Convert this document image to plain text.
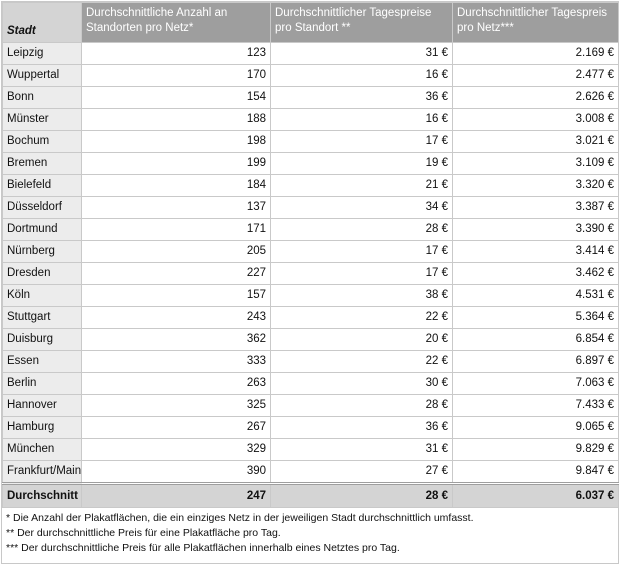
Stadt	Durchschnittliche Anzahl an Standorten pro Netz*	Durchschnittlicher Tagespreise pro Standort **	Durchschnittlicher Tagespreis pro Netz***
Leipzig	123	31 €	2.169 €
Wuppertal	170	16 €	2.477 €
Bonn	154	36 €	2.626 €
Münster	188	16 €	3.008 €
Bochum	198	17 €	3.021 €
Bremen	199	19 €	3.109 €
Bielefeld	184	21 €	3.320 €
Düsseldorf	137	34 €	3.387 €
Dortmund	171	28 €	3.390 €
Nürnberg	205	17 €	3.414 €
Dresden	227	17 €	3.462 €
Köln	157	38 €	4.531 €
Stuttgart	243	22 €	5.364 €
Duisburg	362	20 €	6.854 €
Essen	333	22 €	6.897 €
Berlin	263	30 €	7.063 €
Hannover	325	28 €	7.433 €
Hamburg	267	36 €	9.065 €
München	329	31 €	9.829 €
Frankfurt/Main	390	27 €	9.847 €
Durchschnitt	247	28 €	6.037 €
* Die Anzahl der Plakatflächen, die ein einziges Netz in der jeweiligen Stadt durchschnittlich umfasst.
** Der durchschnittliche Preis für eine Plakatfläche pro Tag.
*** Der durchschnittliche Preis für alle Plakatflächen innerhalb eines Netztes pro Tag.
